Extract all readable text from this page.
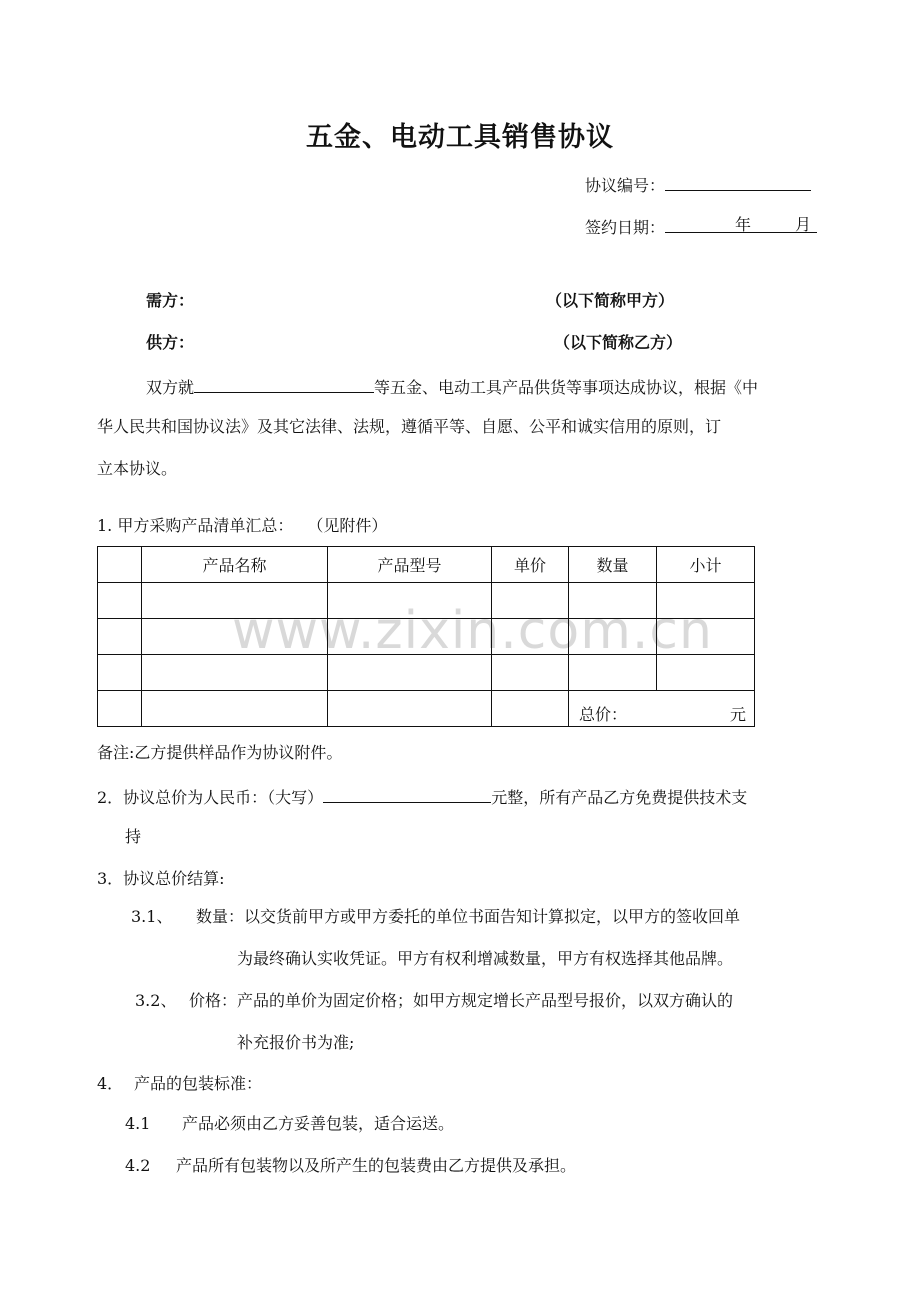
五金、电动工具销售协议
协议编号：
签约日期：	年	月
需方：	（以下简称甲方）
供方：	（以下简称乙方）
双方就	等五金、电动工具产品供货等事项达成协议，根据《中
华人民共和国协议法》及其它法律、法规，遵循平等、自愿、公平和诚实信用的原则，订
立本协议。
1. 甲方采购产品清单汇总： （见附件）
www.zixin.com.cn
	产品名称	产品型号	单价	数量	小计

				总价： 元	
备注:乙方提供样品作为协议附件。
2．协议总价为人民币：（大写）	元整，所有产品乙方免费提供技术支
持
3．协议总价结算:
3.1、 数量：以交货前甲方或甲方委托的单位书面告知计算拟定，以甲方的签收回单
为最终确认实收凭证。甲方有权利增减数量，甲方有权选择其他品牌。
3.2、 价格：产品的单价为固定价格；如甲方规定增长产品型号报价，以双方确认的
补充报价书为准;
4． 产品的包装标准：
4.1 产品必须由乙方妥善包装，适合运送。
4.2 产品所有包装物以及所产生的包装费由乙方提供及承担。
